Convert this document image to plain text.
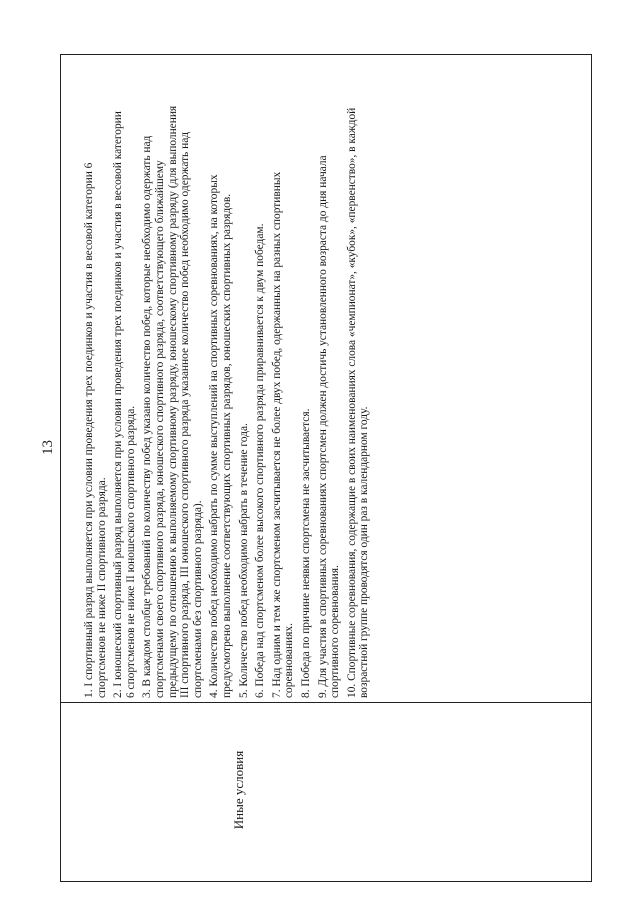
13
Иные условия

1. I спортивный разряд выполняется при условии проведения трех поединков и участия в весовой категории 6 спортсменов не ниже II спортивного разряда. 2. I юношеский спортивный разряд выполняется при условии проведения трех поединков и участия в весовой категории 6 спортсменов не ниже II юношеского спортивного разряда. 3. В каждом столбце требований по количеству побед указано количество побед, которые необходимо одержать над спортсменами своего спортивного разряда, юношеского спортивного разряда, соответствующего ближайшему предыдущему по отношению к выполняемому спортивному разряду, юношескому спортивному разряду (для выполнения III спортивного разряда, III юношеского спортивного разряда указанное количество побед необходимо одержать над спортсменами без спортивного разряда). 4. Количество побед необходимо набрать по сумме выступлений на спортивных соревнованиях, на которых предусмотрено выполнение соответствующих спортивных разрядов, юношеских спортивных разрядов. 5. Количество побед необходимо набрать в течение года. 6. Победа над спортсменом более высокого спортивного разряда приравнивается к двум победам. 7. Над одним и тем же спортсменом засчитывается не более двух побед, одержанных на разных спортивных соревнованиях. 8. Победа по причине неявки спортсмена не засчитывается. 9. Для участия в спортивных соревнованиях спортсмен должен достичь установленного возраста до дня начала спортивного соревнования. 10. Спортивные соревнования, содержащие в своих наименованиях слова «чемпионат», «кубок», «первенство», в каждой возрастной группе проводятся один раз в календарном году.
